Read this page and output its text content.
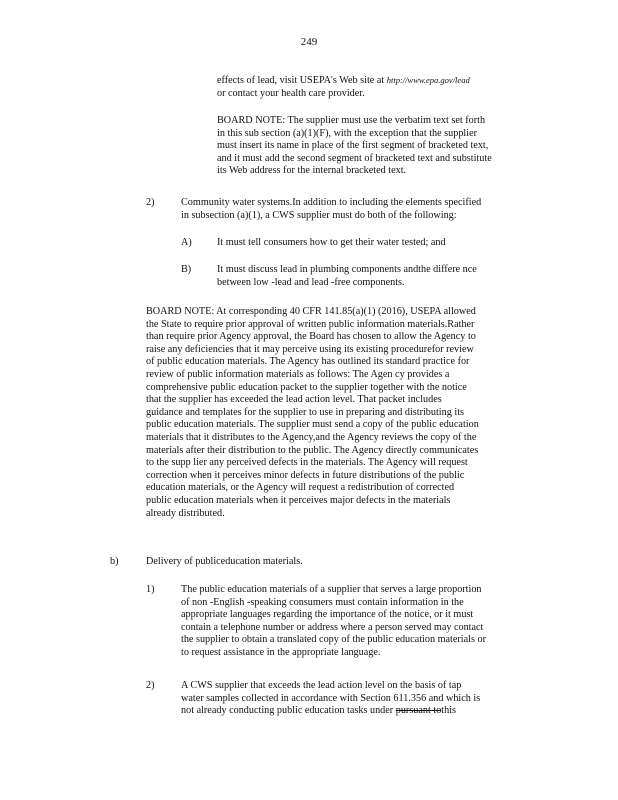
249

effects of lead, visit USEPA's Web site at http://www.epa.gov/lead

or contact your health care provider.

BOARD NOTE: The supplier must use the verbatim text set forth

in this sub section (a)(1)(F), with the exception that the supplier

must insert its name in place of the first segment of bracketed text,

and it must add the second segment of bracketed text and substitute

its Web address for the internal bracketed text.

2)	Community water systems.In addition to including the elements specified

in subsection (a)(1), a CWS supplier must do both of the following:

A) It must tell consumers how to get their water tested; and

B)	It must discuss lead in plumbing components andthe differe nce

between low -lead and lead -free components.

BOARD NOTE: At corresponding 40 CFR 141.85(a)(1) (2016), USEPA allowed

the State to require prior approval of written public information materials.Rather

than require prior Agency approval, the Board has chosen to allow the Agency to

raise any deficiencies that it may perceive using its existing procedurefor review

of public education materials. The Agency has outlined its standard practice for

review of public information materials as follows: The Agen cy provides a

comprehensive public education packet to the supplier together with the notice

that the supplier has exceeded the lead action level. That packet includes

guidance and templates for the supplier to use in preparing and distributing its

public education materials. The supplier must send a copy of the public education

materials that it distributes to the Agency,and the Agency reviews the copy of the

materials after their distribution to the public. The Agency directly communicates

to the supp lier any perceived defects in the materials. The Agency will request

correction when it perceives minor defects in future distributions of the public

education materials, or the Agency will request a redistribution of corrected

public education materials when it perceives major defects in the materials

already distributed.

b)	Delivery of publiceducation materials.

1)	The public education materials of a supplier that serves a large proportion

of non -English -speaking consumers must contain information in the

appropriate languages regarding the importance of the notice, or it must

contain a telephone number or address where a person served may contact

the supplier to obtain a translated copy of the public education materials or

to request assistance in the appropriate language.

2)	A CWS supplier that exceeds the lead action level on the basis of tap

water samples collected in accordance with Section 611.356 and which is

not already conducting public education tasks under pursuant tothis
